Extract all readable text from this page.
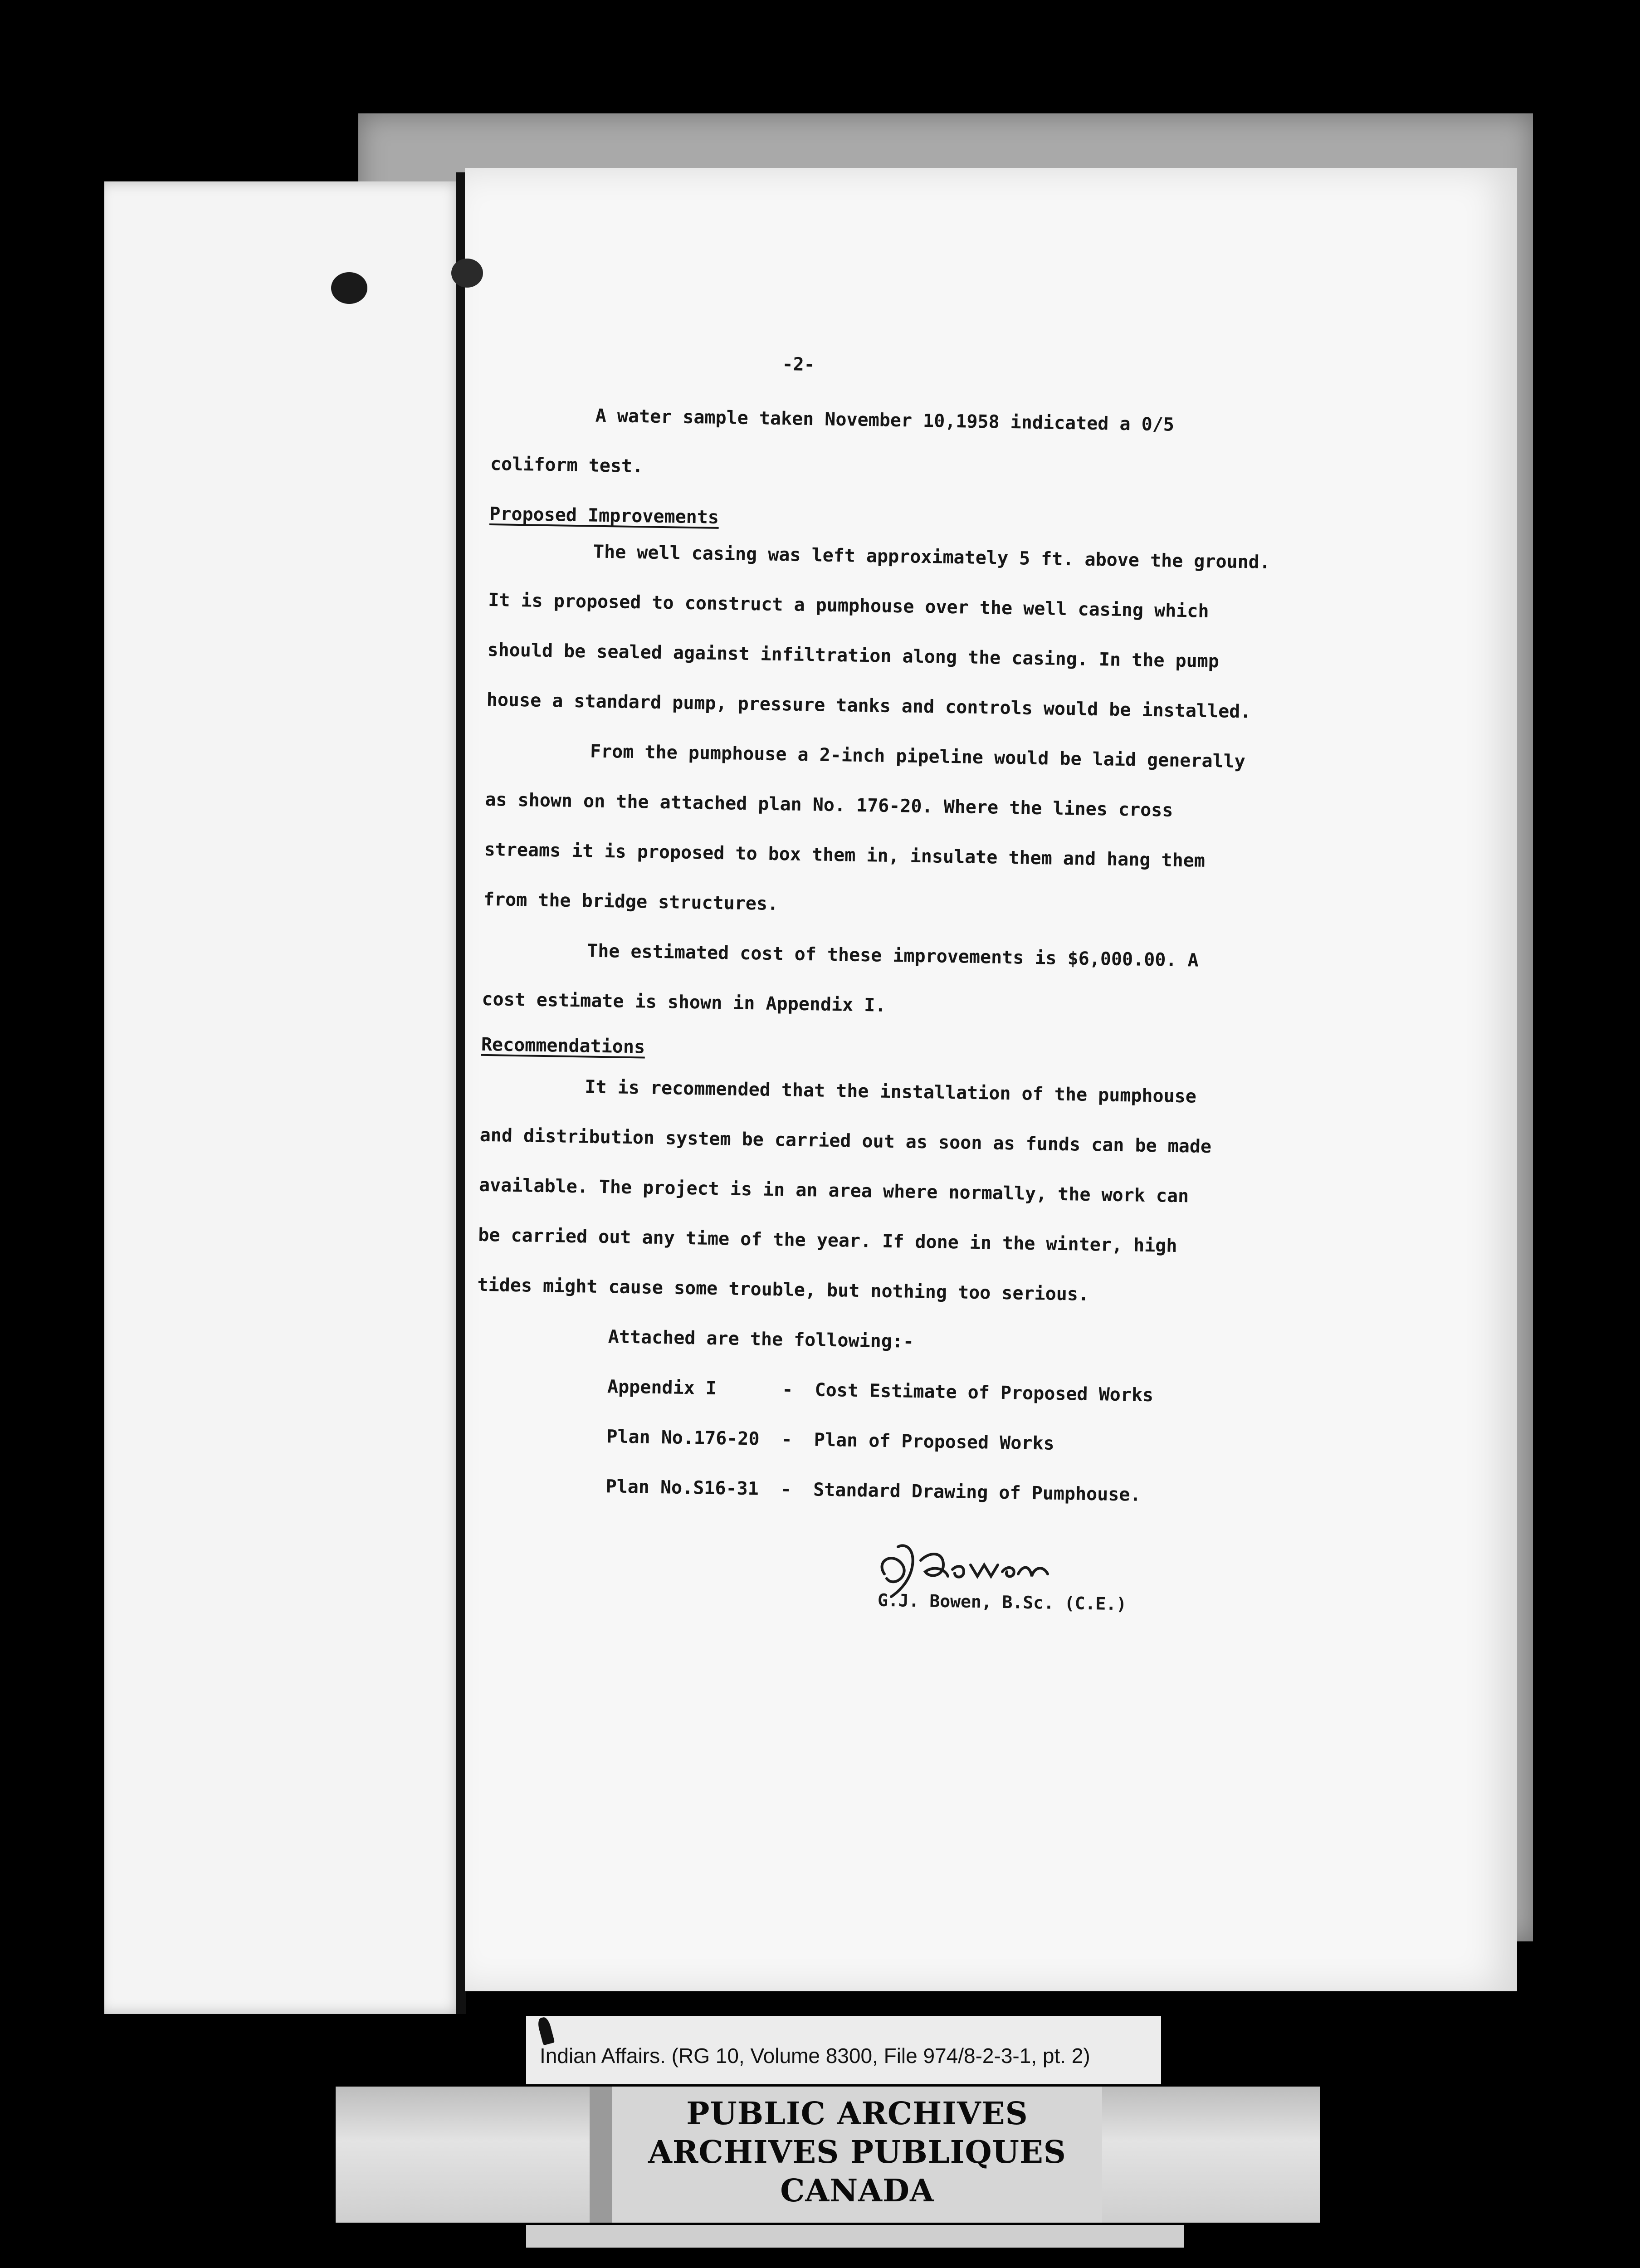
-2-
A water sample taken November 10,1958 indicated a 0/5
coliform test.
Proposed Improvements
The well casing was left approximately 5 ft. above the ground.
It is proposed to construct a pumphouse over the well casing which
should be sealed against infiltration along the casing. In the pump
house a standard pump, pressure tanks and controls would be installed.
From the pumphouse a 2-inch pipeline would be laid generally
as shown on the attached plan No. 176-20. Where the lines cross
streams it is proposed to box them in, insulate them and hang them
from the bridge structures.
The estimated cost of these improvements is $6,000.00. A
cost estimate is shown in Appendix I.
Recommendations
It is recommended that the installation of the pumphouse
and distribution system be carried out as soon as funds can be made
available. The project is in an area where normally, the work can
be carried out any time of the year. If done in the winter, high
tides might cause some trouble, but nothing too serious.
Attached are the following:-
Appendix I      -  Cost Estimate of Proposed Works
Plan No.176-20  -  Plan of Proposed Works
Plan No.S16-31  -  Standard Drawing of Pumphouse.
G.J. Bowen, B.Sc. (C.E.)
Indian Affairs. (RG 10, Volume 8300, File 974/8-2-3-1, pt. 2)
PUBLIC ARCHIVES
ARCHIVES PUBLIQUES
CANADA
